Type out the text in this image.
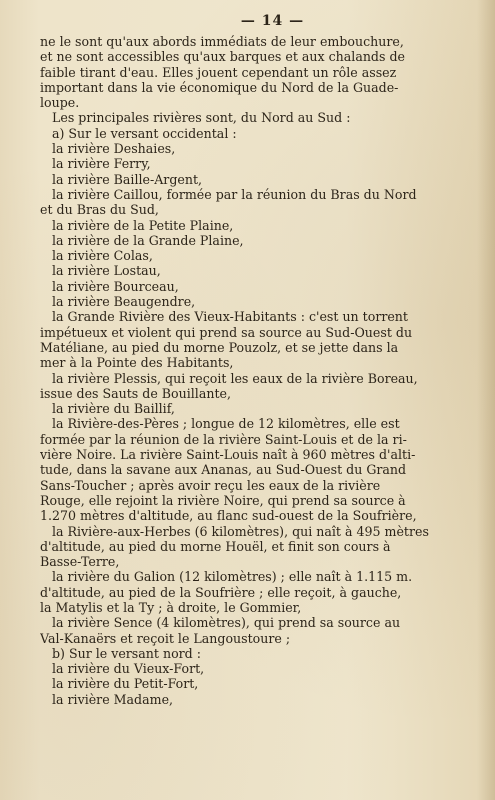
— 14 —
ne le sont qu'aux abords immédiats de leur embouchure,
et ne sont accessibles qu'aux barques et aux chalands de
faible tirant d'eau. Elles jouent cependant un rôle assez
important dans la vie économique du Nord de la Guade-
loupe.
Les principales rivières sont, du Nord au Sud :
a) Sur le versant occidental :
la rivière Deshaies,
la rivière Ferry,
la rivière Baille-Argent,
la rivière Caillou, formée par la réunion du Bras du Nord
et du Bras du Sud,
la rivière de la Petite Plaine,
la rivière de la Grande Plaine,
la rivière Colas,
la rivière Lostau,
la rivière Bourceau,
la rivière Beaugendre,
la Grande Rivière des Vieux-Habitants : c'est un torrent
impétueux et violent qui prend sa source au Sud-Ouest du
Matéliane, au pied du morne Pouzolz, et se jette dans la
mer à la Pointe des Habitants,
la rivière Plessis, qui reçoit les eaux de la rivière Boreau,
issue des Sauts de Bouillante,
la rivière du Baillif,
la Rivière-des-Pères ; longue de 12 kilomètres, elle est
formée par la réunion de la rivière Saint-Louis et de la ri-
vière Noire. La rivière Saint-Louis naît à 960 mètres d'alti-
tude, dans la savane aux Ananas, au Sud-Ouest du Grand
Sans-Toucher ; après avoir reçu les eaux de la rivière
Rouge, elle rejoint la rivière Noire, qui prend sa source à
1.270 mètres d'altitude, au flanc sud-ouest de la Soufrière,
la Rivière-aux-Herbes (6 kilomètres), qui naît à 495 mètres
d'altitude, au pied du morne Houël, et finit son cours à
Basse-Terre,
la rivière du Galion (12 kilomètres) ; elle naît à 1.115 m.
d'altitude, au pied de la Soufrière ; elle reçoit, à gauche,
la Matylis et la Ty ; à droite, le Gommier,
la rivière Sence (4 kilomètres), qui prend sa source au
Val-Kanaërs et reçoit le Langoustoure ;
b) Sur le versant nord :
la rivière du Vieux-Fort,
la rivière du Petit-Fort,
la rivière Madame,
